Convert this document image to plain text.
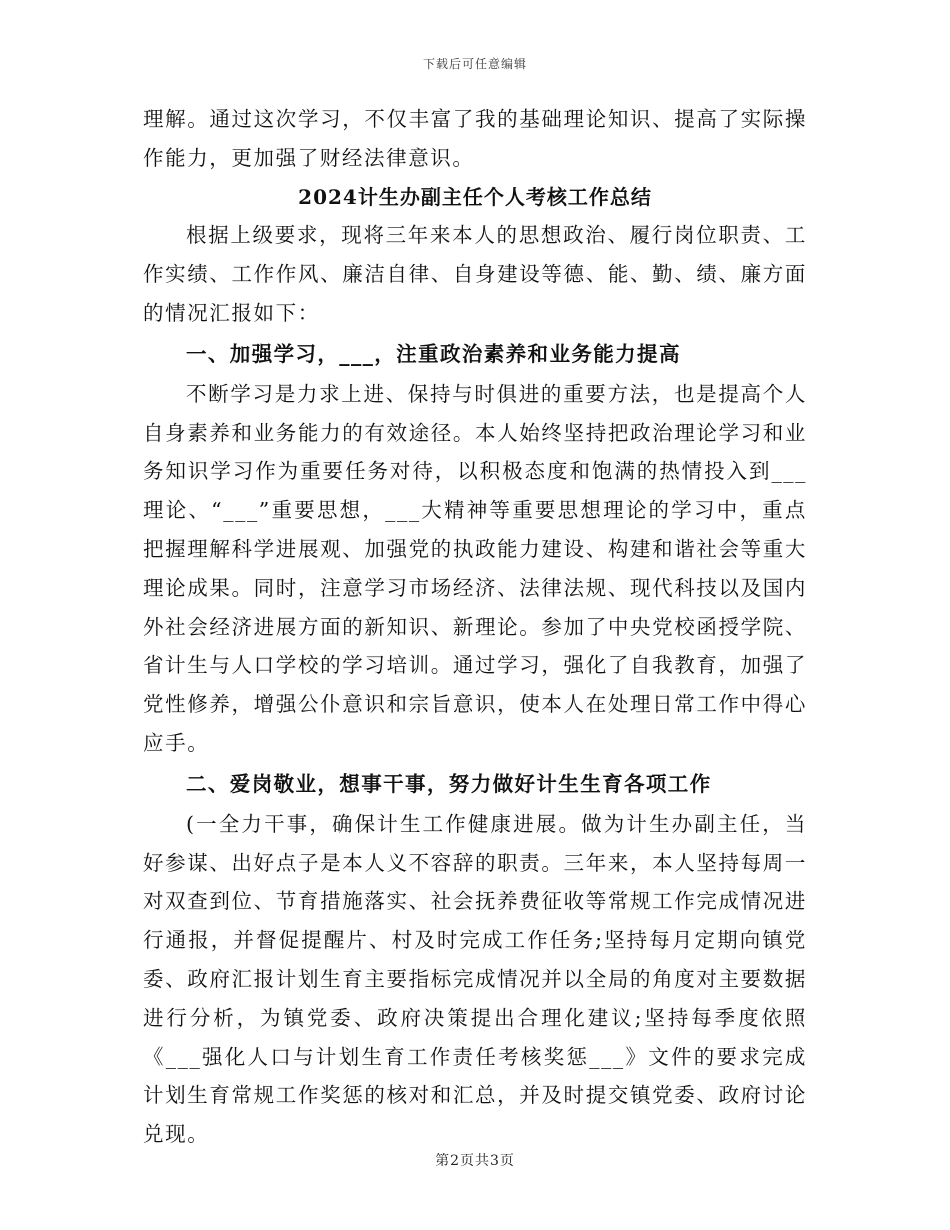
下载后可任意编辑

理解。通过这次学习，不仅丰富了我的基础理论知识、提高了实际操作能力，更加强了财经法律意识。

2024计生办副主任个人考核工作总结

根据上级要求，现将三年来本人的思想政治、履行岗位职责、工作实绩、工作作风、廉洁自律、自身建设等德、能、勤、绩、廉方面的情况汇报如下：

一、加强学习，___，注重政治素养和业务能力提高

不断学习是力求上进、保持与时俱进的重要方法，也是提高个人自身素养和业务能力的有效途径。本人始终坚持把政治理论学习和业务知识学习作为重要任务对待，以积极态度和饱满的热情投入到___理论、“___”重要思想，___大精神等重要思想理论的学习中，重点把握理解科学进展观、加强党的执政能力建设、构建和谐社会等重大理论成果。同时，注意学习市场经济、法律法规、现代科技以及国内外社会经济进展方面的新知识、新理论。参加了中央党校函授学院、省计生与人口学校的学习培训。通过学习，强化了自我教育，加强了党性修养，增强公仆意识和宗旨意识，使本人在处理日常工作中得心应手。

二、爱岗敬业，想事干事，努力做好计生生育各项工作

(一全力干事，确保计生工作健康进展。做为计生办副主任，当好参谋、出好点子是本人义不容辞的职责。三年来，本人坚持每周一对双查到位、节育措施落实、社会抚养费征收等常规工作完成情况进行通报，并督促提醒片、村及时完成工作任务;坚持每月定期向镇党委、政府汇报计划生育主要指标完成情况并以全局的角度对主要数据进行分析，为镇党委、政府决策提出合理化建议;坚持每季度依照《___强化人口与计划生育工作责任考核奖惩___》文件的要求完成计划生育常规工作奖惩的核对和汇总，并及时提交镇党委、政府讨论兑现。

第2页共3页
